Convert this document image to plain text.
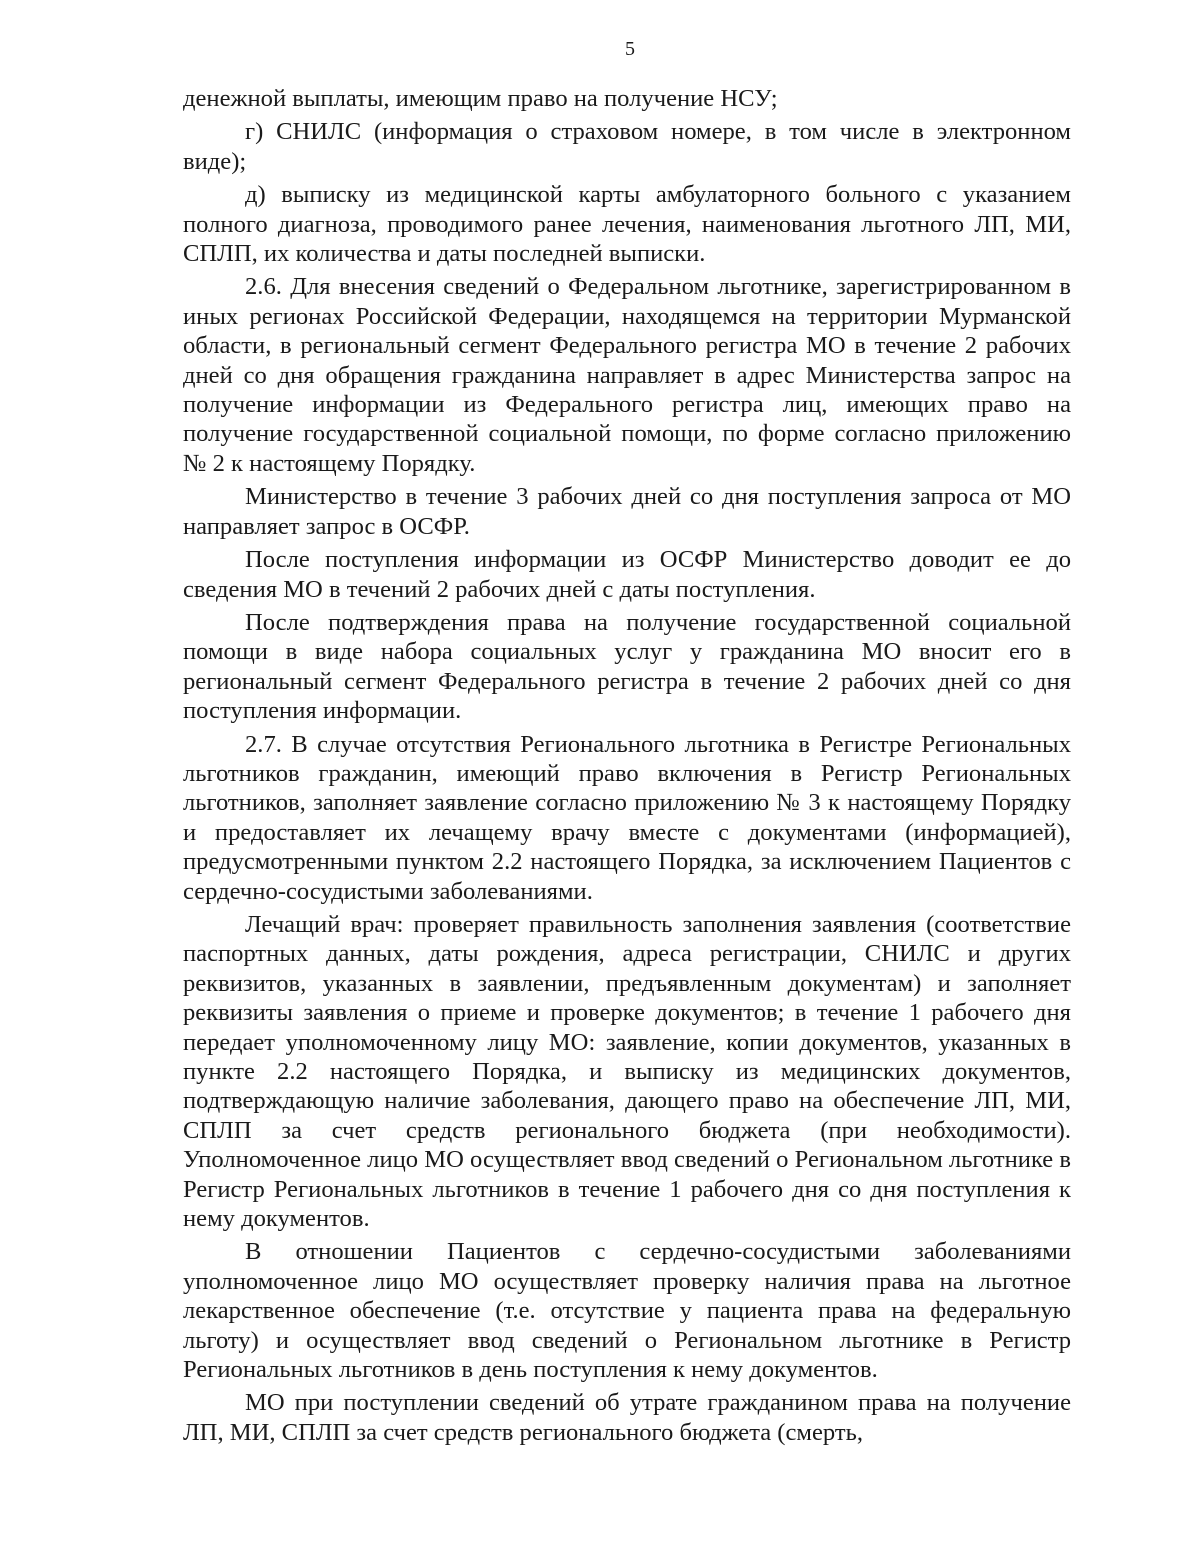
5

денежной выплаты, имеющим право на получение НСУ;

г) СНИЛС (информация о страховом номере, в том числе в электронном виде);

д) выписку из медицинской карты амбулаторного больного с указанием полного диагноза, проводимого ранее лечения, наименования льготного ЛП, МИ, СПЛП, их количества и даты последней выписки.

2.6. Для внесения сведений о Федеральном льготнике, зарегистрированном в иных регионах Российской Федерации, находящемся на территории Мурманской области, в региональный сегмент Федерального регистра МО в течение 2 рабочих дней со дня обращения гражданина направляет в адрес Министерства запрос на получение информации из Федерального регистра лиц, имеющих право на получение государственной социальной помощи, по форме согласно приложению № 2 к настоящему Порядку.

Министерство в течение 3 рабочих дней со дня поступления запроса от МО направляет запрос в ОСФР.

После поступления информации из ОСФР Министерство доводит ее до сведения МО в течений 2 рабочих дней с даты поступления.

После подтверждения права на получение государственной социальной помощи в виде набора социальных услуг у гражданина МО вносит его в региональный сегмент Федерального регистра в течение 2 рабочих дней со дня поступления информации.

2.7. В случае отсутствия Регионального льготника в Регистре Региональных льготников гражданин, имеющий право включения в Регистр Региональных льготников, заполняет заявление согласно приложению № 3 к настоящему Порядку и предоставляет их лечащему врачу вместе с документами (информацией), предусмотренными пунктом 2.2 настоящего Порядка, за исключением Пациентов с сердечно-сосудистыми заболеваниями.

Лечащий врач: проверяет правильность заполнения заявления (соответствие паспортных данных, даты рождения, адреса регистрации, СНИЛС и других реквизитов, указанных в заявлении, предъявленным документам) и заполняет реквизиты заявления о приеме и проверке документов; в течение 1 рабочего дня передает уполномоченному лицу МО: заявление, копии документов, указанных в пункте 2.2 настоящего Порядка, и выписку из медицинских документов, подтверждающую наличие заболевания, дающего право на обеспечение ЛП, МИ, СПЛП за счет средств регионального бюджета (при необходимости). Уполномоченное лицо МО осуществляет ввод сведений о Региональном льготнике в Регистр Региональных льготников в течение 1 рабочего дня со дня поступления к нему документов.

В отношении Пациентов с сердечно-сосудистыми заболеваниями уполномоченное лицо МО осуществляет проверку наличия права на льготное лекарственное обеспечение (т.е. отсутствие у пациента права на федеральную льготу) и осуществляет ввод сведений о Региональном льготнике в Регистр Региональных льготников в день поступления к нему документов.

МО при поступлении сведений об утрате гражданином права на получение ЛП, МИ, СПЛП за счет средств регионального бюджета (смерть,
